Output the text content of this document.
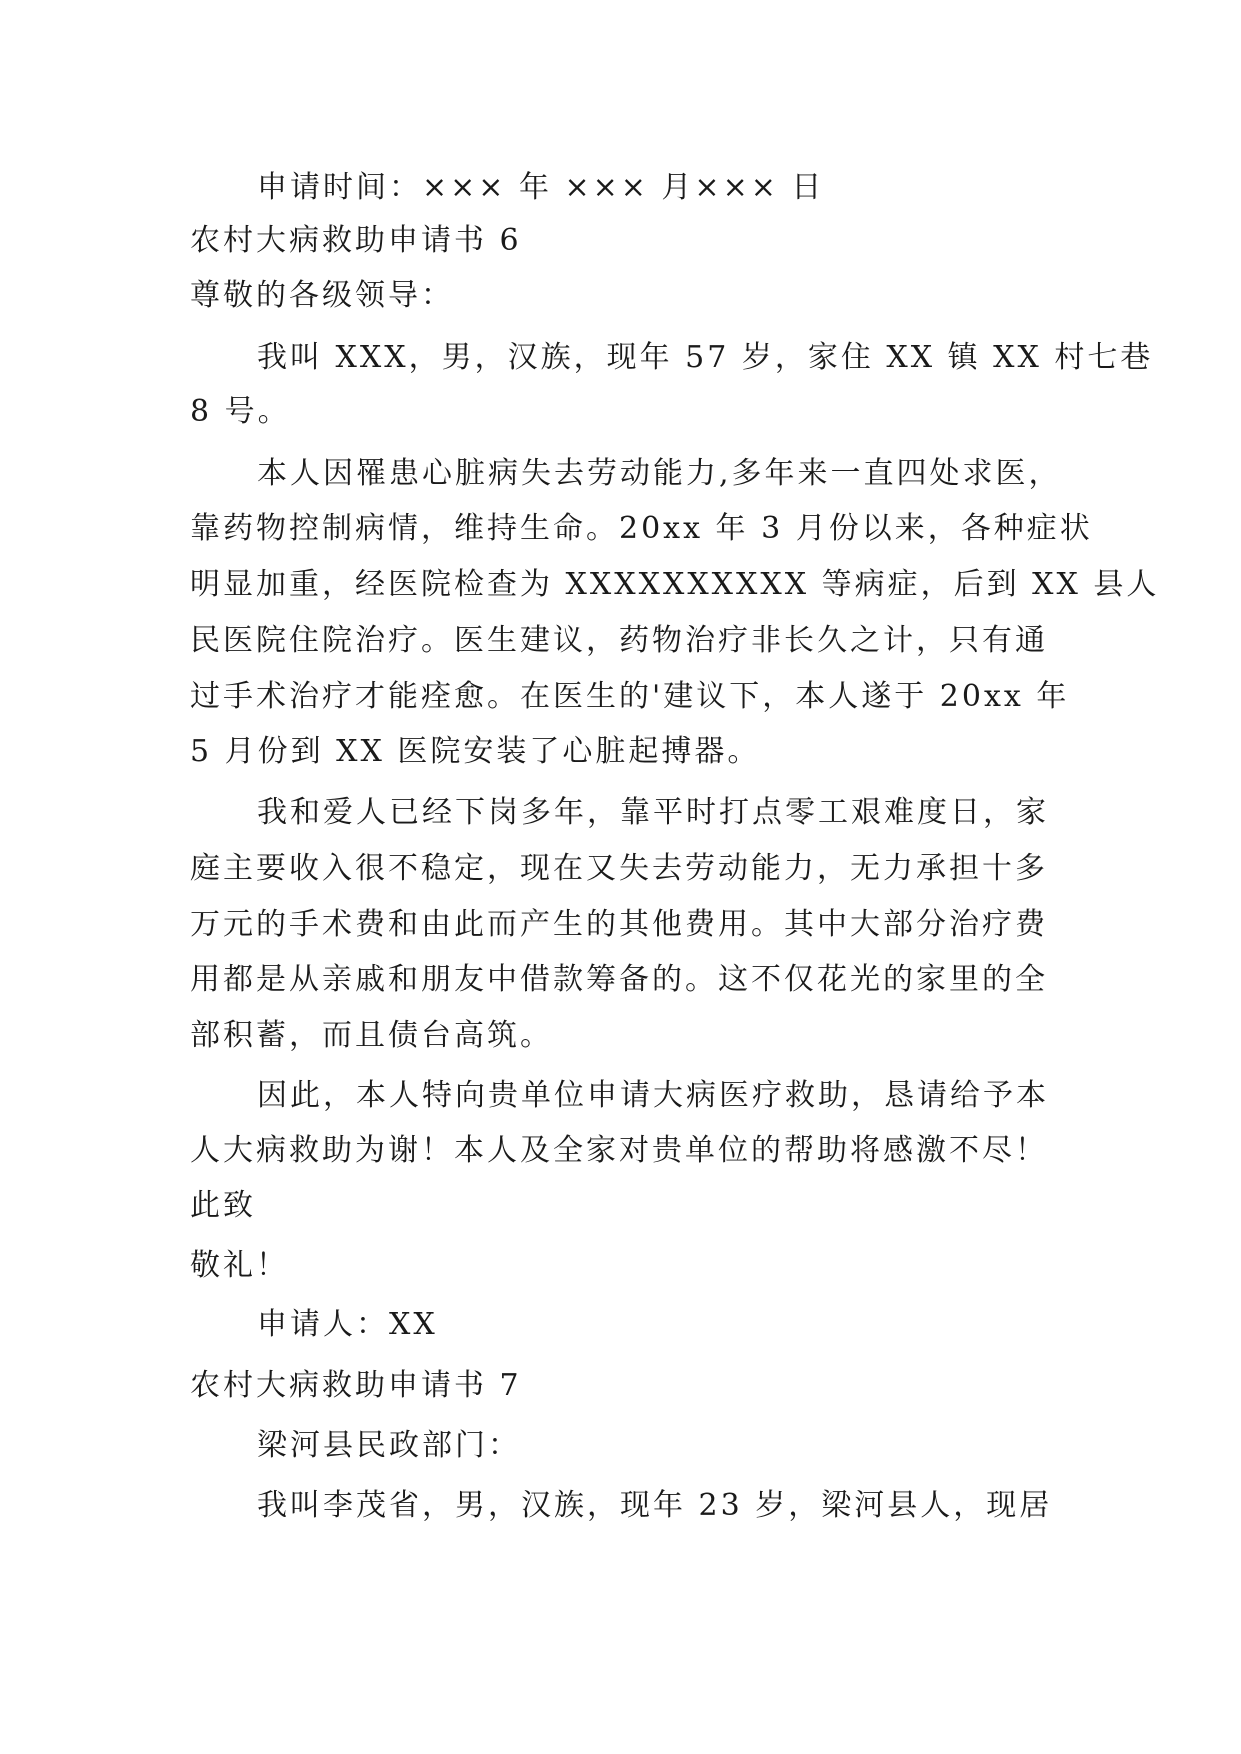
申请时间：××× 年 ××× 月××× 日
农村大病救助申请书 6
尊敬的各级领导：
我叫 XXX，男，汉族，现年 57 岁，家住 XX 镇 XX 村七巷
8 号。
本人因罹患心脏病失去劳动能力,多年来一直四处求医，
靠药物控制病情，维持生命。20xx 年 3 月份以来，各种症状
明显加重，经医院检查为 XXXXXXXXXX 等病症，后到 XX 县人
民医院住院治疗。医生建议，药物治疗非长久之计，只有通
过手术治疗才能痊愈。在医生的'建议下，本人遂于 20xx 年
5 月份到 XX 医院安装了心脏起搏器。
我和爱人已经下岗多年，靠平时打点零工艰难度日，家
庭主要收入很不稳定，现在又失去劳动能力，无力承担十多
万元的手术费和由此而产生的其他费用。其中大部分治疗费
用都是从亲戚和朋友中借款筹备的。这不仅花光的家里的全
部积蓄，而且债台高筑。
因此，本人特向贵单位申请大病医疗救助，恳请给予本
人大病救助为谢！本人及全家对贵单位的帮助将感激不尽！
此致
敬礼！
申请人：XX
农村大病救助申请书 7
梁河县民政部门：
我叫李茂省，男，汉族，现年 23 岁，梁河县人，现居
